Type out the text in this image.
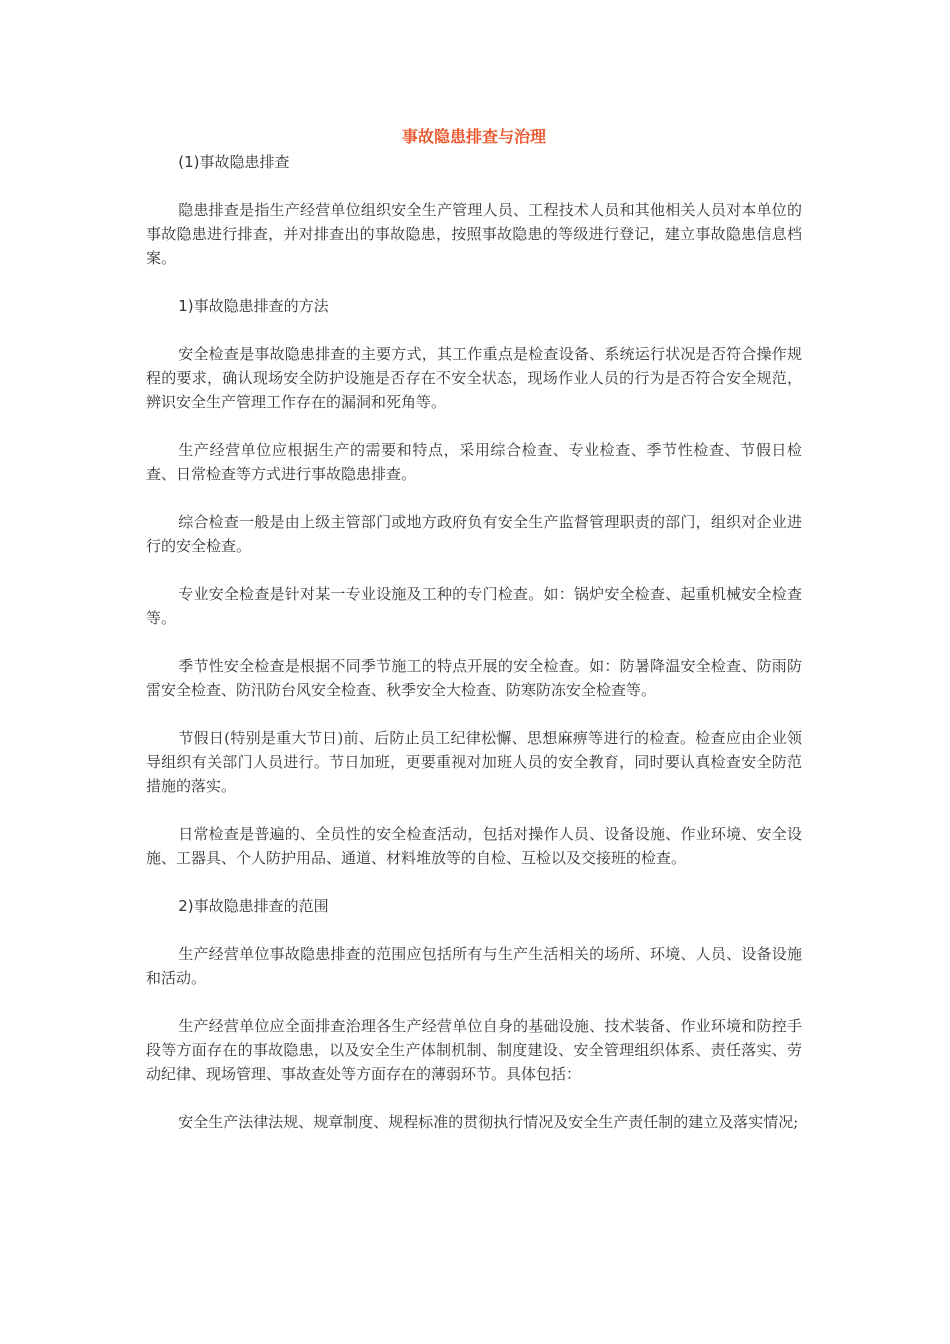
事故隐患排查与治理
(1)事故隐患排查
隐患排查是指生产经营单位组织安全生产管理人员、工程技术人员和其他相关人员对本单位的事故隐患进行排查，并对排查出的事故隐患，按照事故隐患的等级进行登记，建立事故隐患信息档案。
1)事故隐患排查的方法
安全检查是事故隐患排查的主要方式，其工作重点是检查设备、系统运行状况是否符合操作规程的要求，确认现场安全防护设施是否存在不安全状态，现场作业人员的行为是否符合安全规范，辨识安全生产管理工作存在的漏洞和死角等。
生产经营单位应根据生产的需要和特点，采用综合检查、专业检查、季节性检查、节假日检查、日常检查等方式进行事故隐患排查。
综合检查一般是由上级主管部门或地方政府负有安全生产监督管理职责的部门，组织对企业进行的安全检查。
专业安全检查是针对某一专业设施及工种的专门检查。如：锅炉安全检查、起重机械安全检查等。
季节性安全检查是根据不同季节施工的特点开展的安全检查。如：防暑降温安全检查、防雨防雷安全检查、防汛防台风安全检查、秋季安全大检查、防寒防冻安全检查等。
节假日(特别是重大节日)前、后防止员工纪律松懈、思想麻痹等进行的检查。检查应由企业领导组织有关部门人员进行。节日加班，更要重视对加班人员的安全教育，同时要认真检查安全防范措施的落实。
日常检查是普遍的、全员性的安全检查活动，包括对操作人员、设备设施、作业环境、安全设施、工器具、个人防护用品、通道、材料堆放等的自检、互检以及交接班的检查。
2)事故隐患排查的范围
生产经营单位事故隐患排查的范围应包括所有与生产生活相关的场所、环境、人员、设备设施和活动。
生产经营单位应全面排查治理各生产经营单位自身的基础设施、技术装备、作业环境和防控手段等方面存在的事故隐患，以及安全生产体制机制、制度建设、安全管理组织体系、责任落实、劳动纪律、现场管理、事故查处等方面存在的薄弱环节。具体包括：
安全生产法律法规、规章制度、规程标准的贯彻执行情况及安全生产责任制的建立及落实情况;
